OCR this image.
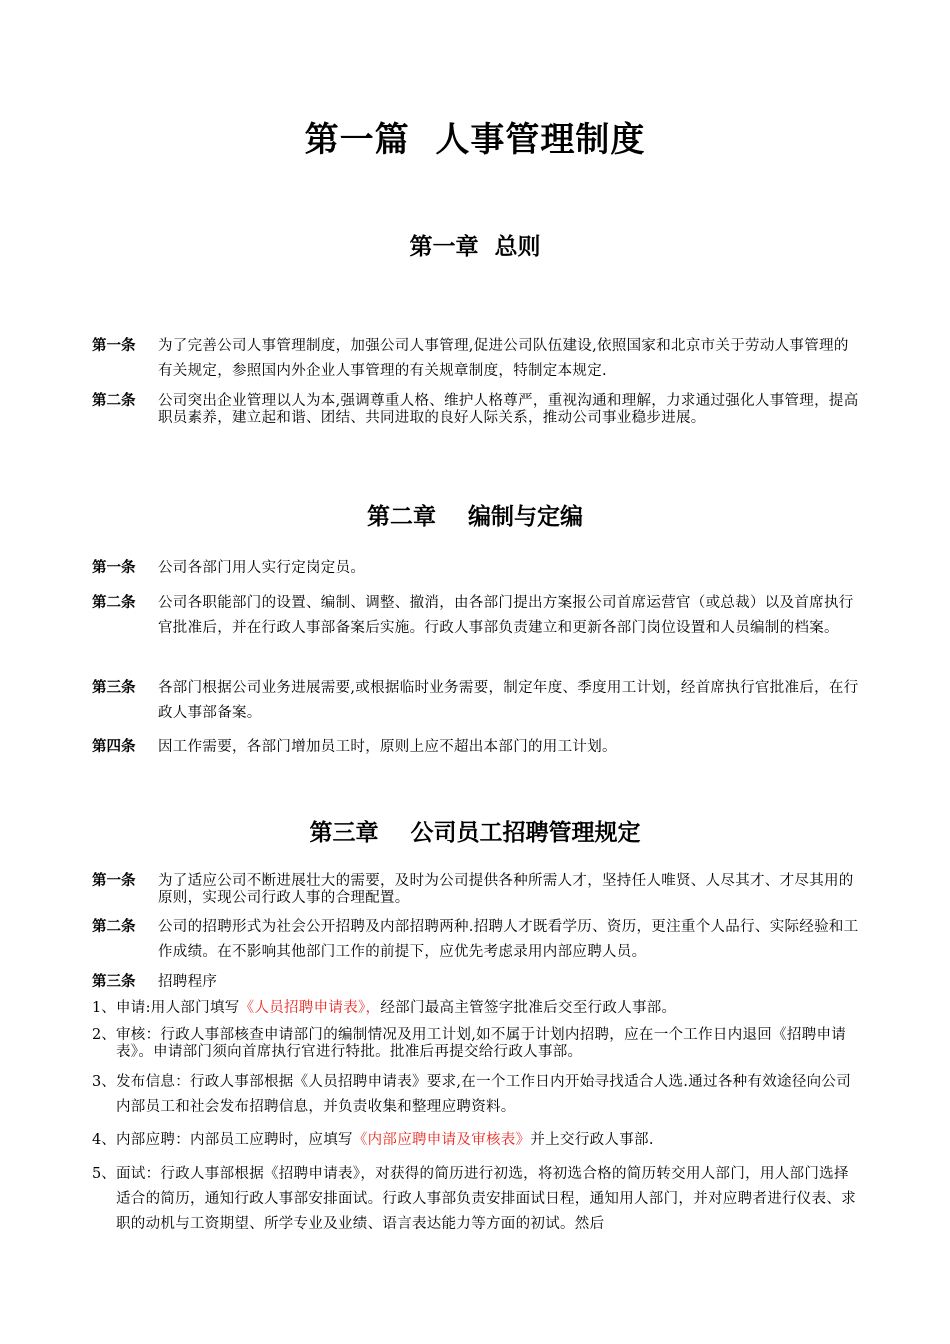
第一篇  人事管理制度
第一章  总则
第一条	为了完善公司人事管理制度，加强公司人事管理,促进公司队伍建设,依照国家和北京市关于劳动人事管理的有关规定，参照国内外企业人事管理的有关规章制度，特制定本规定.
第二条	公司突出企业管理以人为本,强调尊重人格、维护人格尊严，重视沟通和理解，力求通过强化人事管理，提高职员素养，建立起和谐、团结、共同进取的良好人际关系，推动公司事业稳步进展。
第二章    编制与定编
第一条	公司各部门用人实行定岗定员。
第二条	公司各职能部门的设置、编制、调整、撤消，由各部门提出方案报公司首席运营官（或总裁）以及首席执行官批准后，并在行政人事部备案后实施。行政人事部负责建立和更新各部门岗位设置和人员编制的档案。
第三条	各部门根据公司业务进展需要,或根据临时业务需要，制定年度、季度用工计划，经首席执行官批准后，在行政人事部备案。
第四条	因工作需要，各部门增加员工时，原则上应不超出本部门的用工计划。
第三章    公司员工招聘管理规定
第一条	为了适应公司不断进展壮大的需要，及时为公司提供各种所需人才，坚持任人唯贤、人尽其才、才尽其用的原则，实现公司行政人事的合理配置。
第二条	公司的招聘形式为社会公开招聘及内部招聘两种.招聘人才既看学历、资历，更注重个人品行、实际经验和工作成绩。在不影响其他部门工作的前提下，应优先考虑录用内部应聘人员。
第三条	招聘程序
1、 申请:用人部门填写《人员招聘申请表》，经部门最高主管签字批准后交至行政人事部。
2、 审核：行政人事部核查申请部门的编制情况及用工计划,如不属于计划内招聘，应在一个工作日内退回《招聘申请表》。申请部门须向首席执行官进行特批。批准后再提交给行政人事部。
3、 发布信息：行政人事部根据《人员招聘申请表》要求,在一个工作日内开始寻找适合人选.通过各种有效途径向公司内部员工和社会发布招聘信息，并负责收集和整理应聘资料。
4、 内部应聘：内部员工应聘时，应填写《内部应聘申请及审核表》并上交行政人事部.
5、 面试：行政人事部根据《招聘申请表》，对获得的简历进行初选，将初选合格的简历转交用人部门，用人部门选择适合的简历，通知行政人事部安排面试。行政人事部负责安排面试日程，通知用人部门，并对应聘者进行仪表、求职的动机与工资期望、所学专业及业绩、语言表达能力等方面的初试。然后
